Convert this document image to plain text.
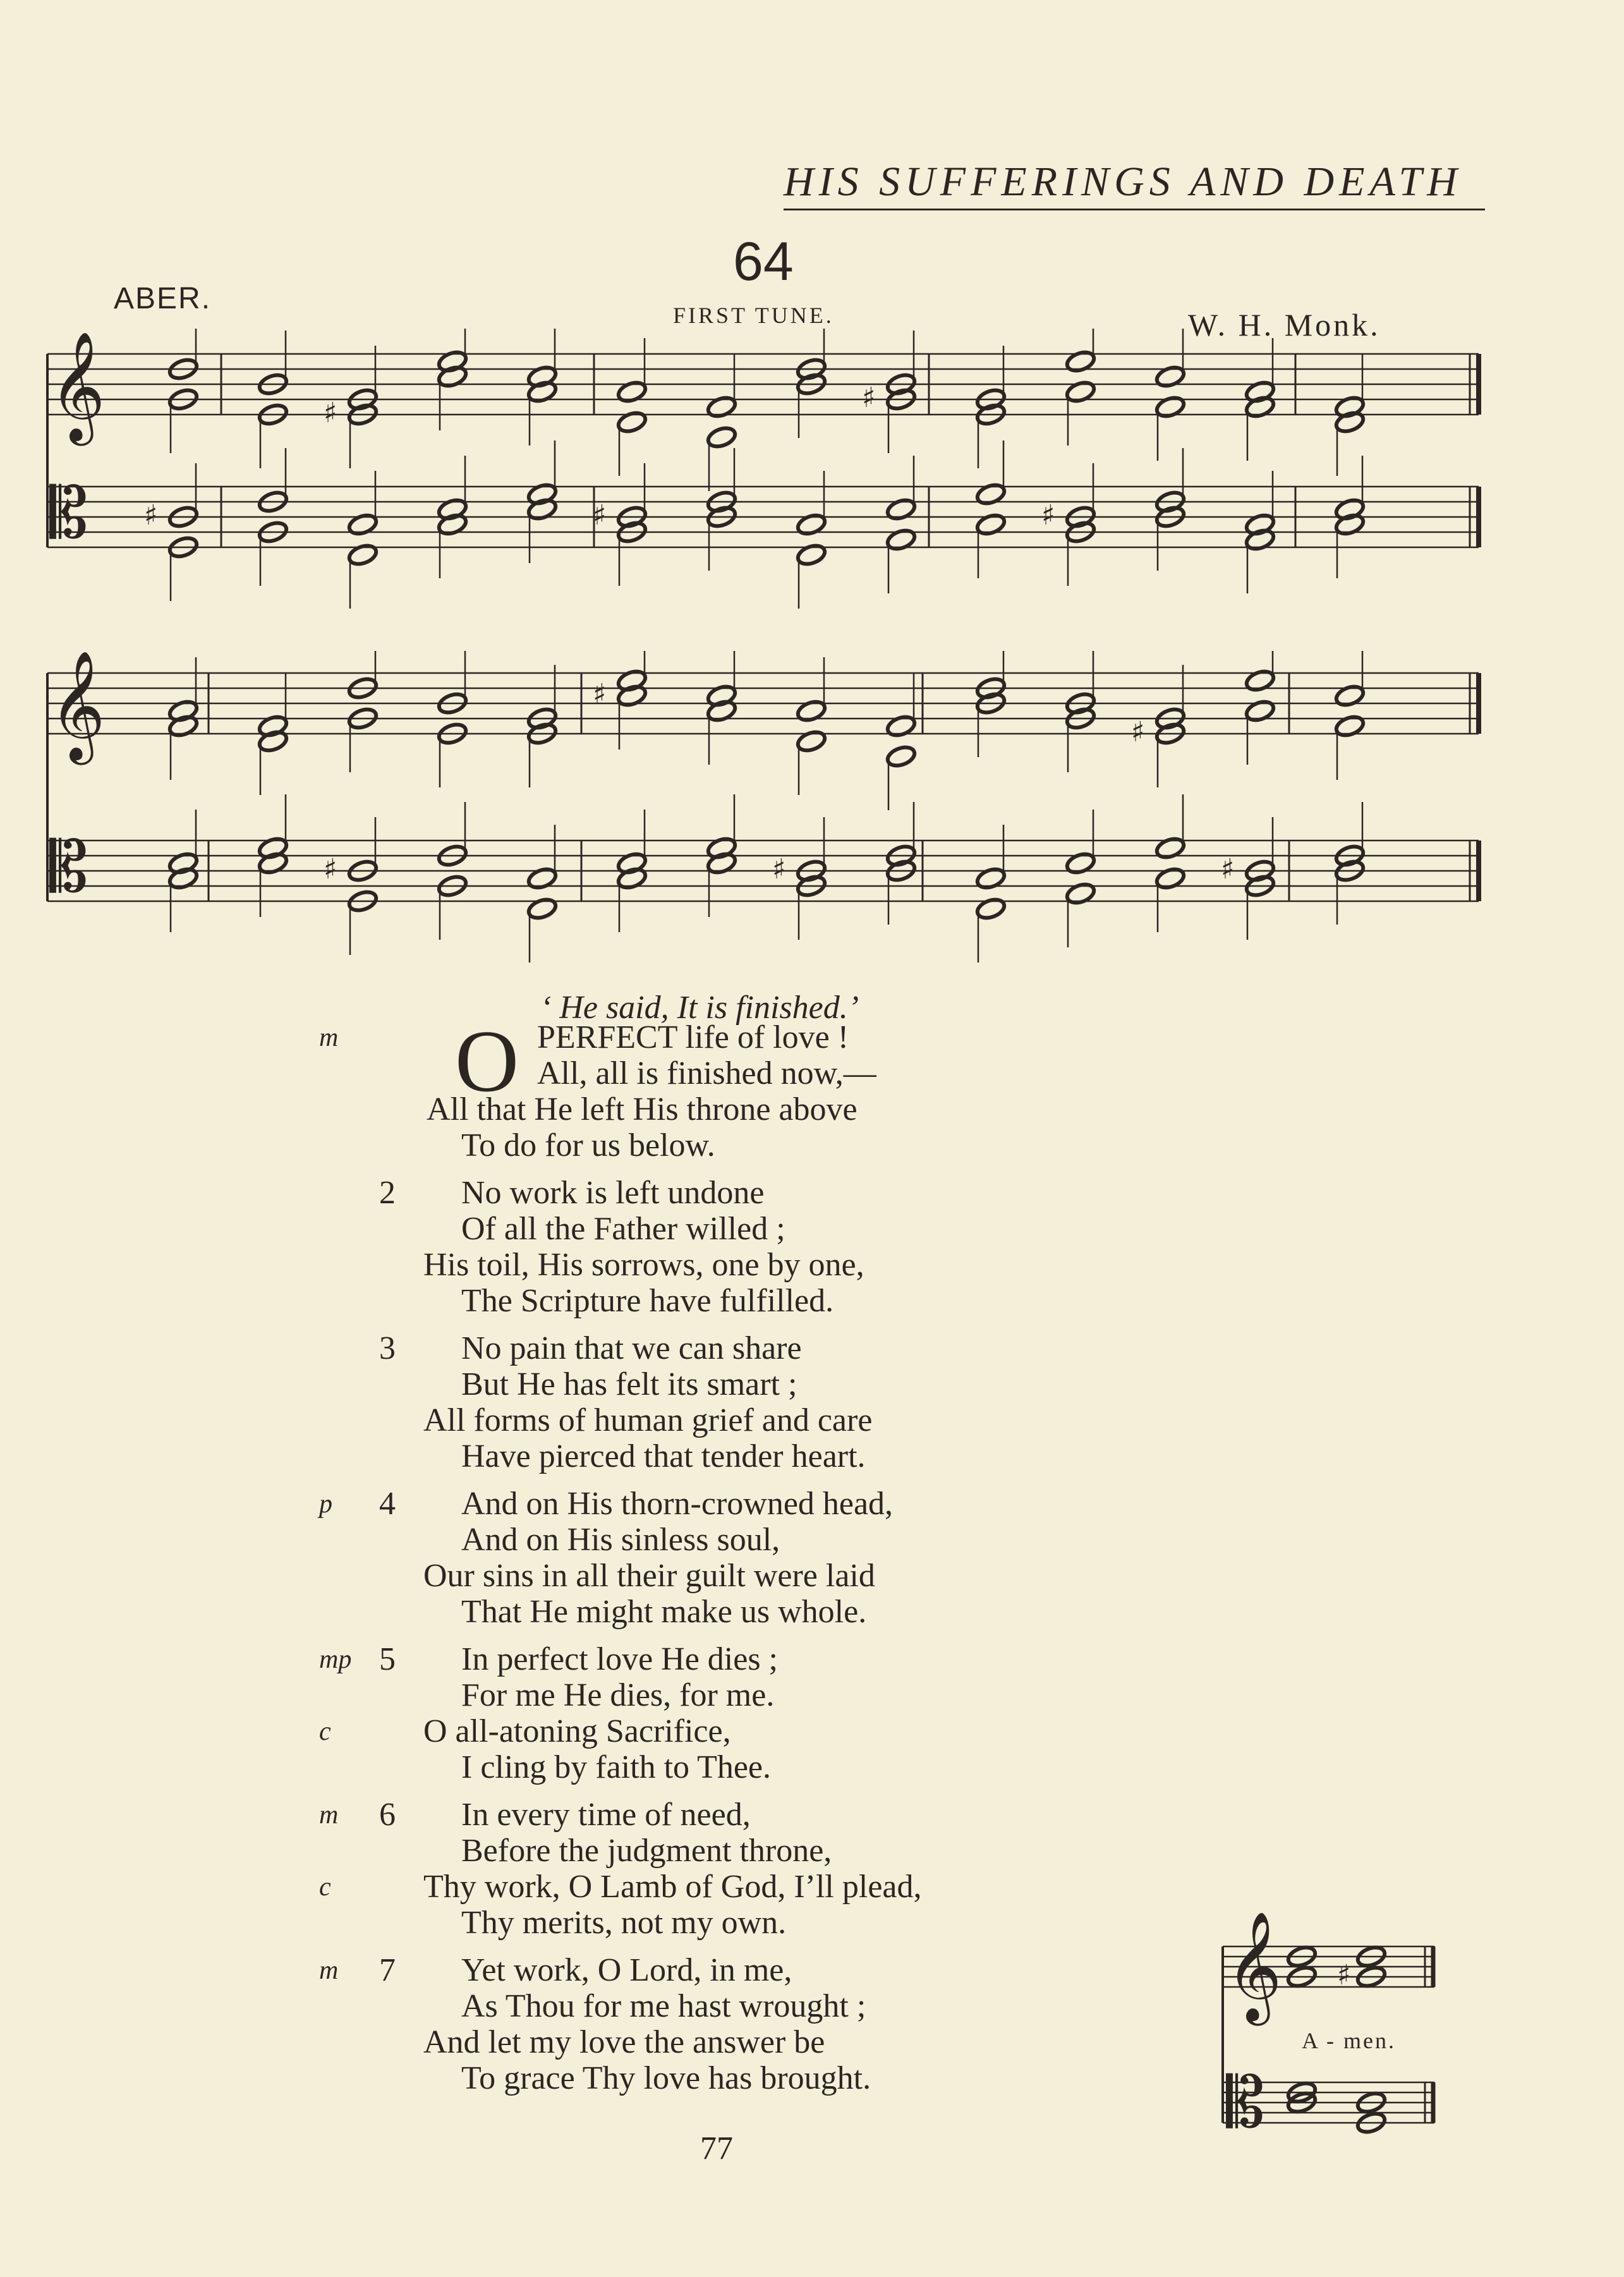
HIS SUFFERINGS AND DEATH
64
ABER.	FIRST TUNE.	W. H. Monk.
𝄞
𝄡 ♯
♯
♯
♯
♯
𝄞
𝄡	♯
♯
♯
♯
♯
‘ He said, It is finished.’
m O PERFECT life of love !
All, all is finished now,—
All that He left His throne above
To do for us below.
2 No work is left undone
Of all the Father willed ;
His toil, His sorrows, one by one,
The Scripture have fulfilled.
3 No pain that we can share
But He has felt its smart ;
All forms of human grief and care
Have pierced that tender heart.
4
p	And on His thorn-crowned head,
And on His sinless soul,
Our sins in all their guilt were laid
That He might make us whole.
5
mp	In perfect love He dies ;
For me He dies, for me.
O all-atoning Sacrifice,
c
I cling by faith to Thee.
6
m	In every time of need,
Before the judgment throne,
Thy work, O Lamb of God, I’ll plead,
c
Thy merits, not my own.
7
m	Yet work, O Lord, in me,
As Thou for me hast wrought ;
And let my love the answer be
To grace Thy love has brought.
𝄞
𝄡
♯
A - men.
77
